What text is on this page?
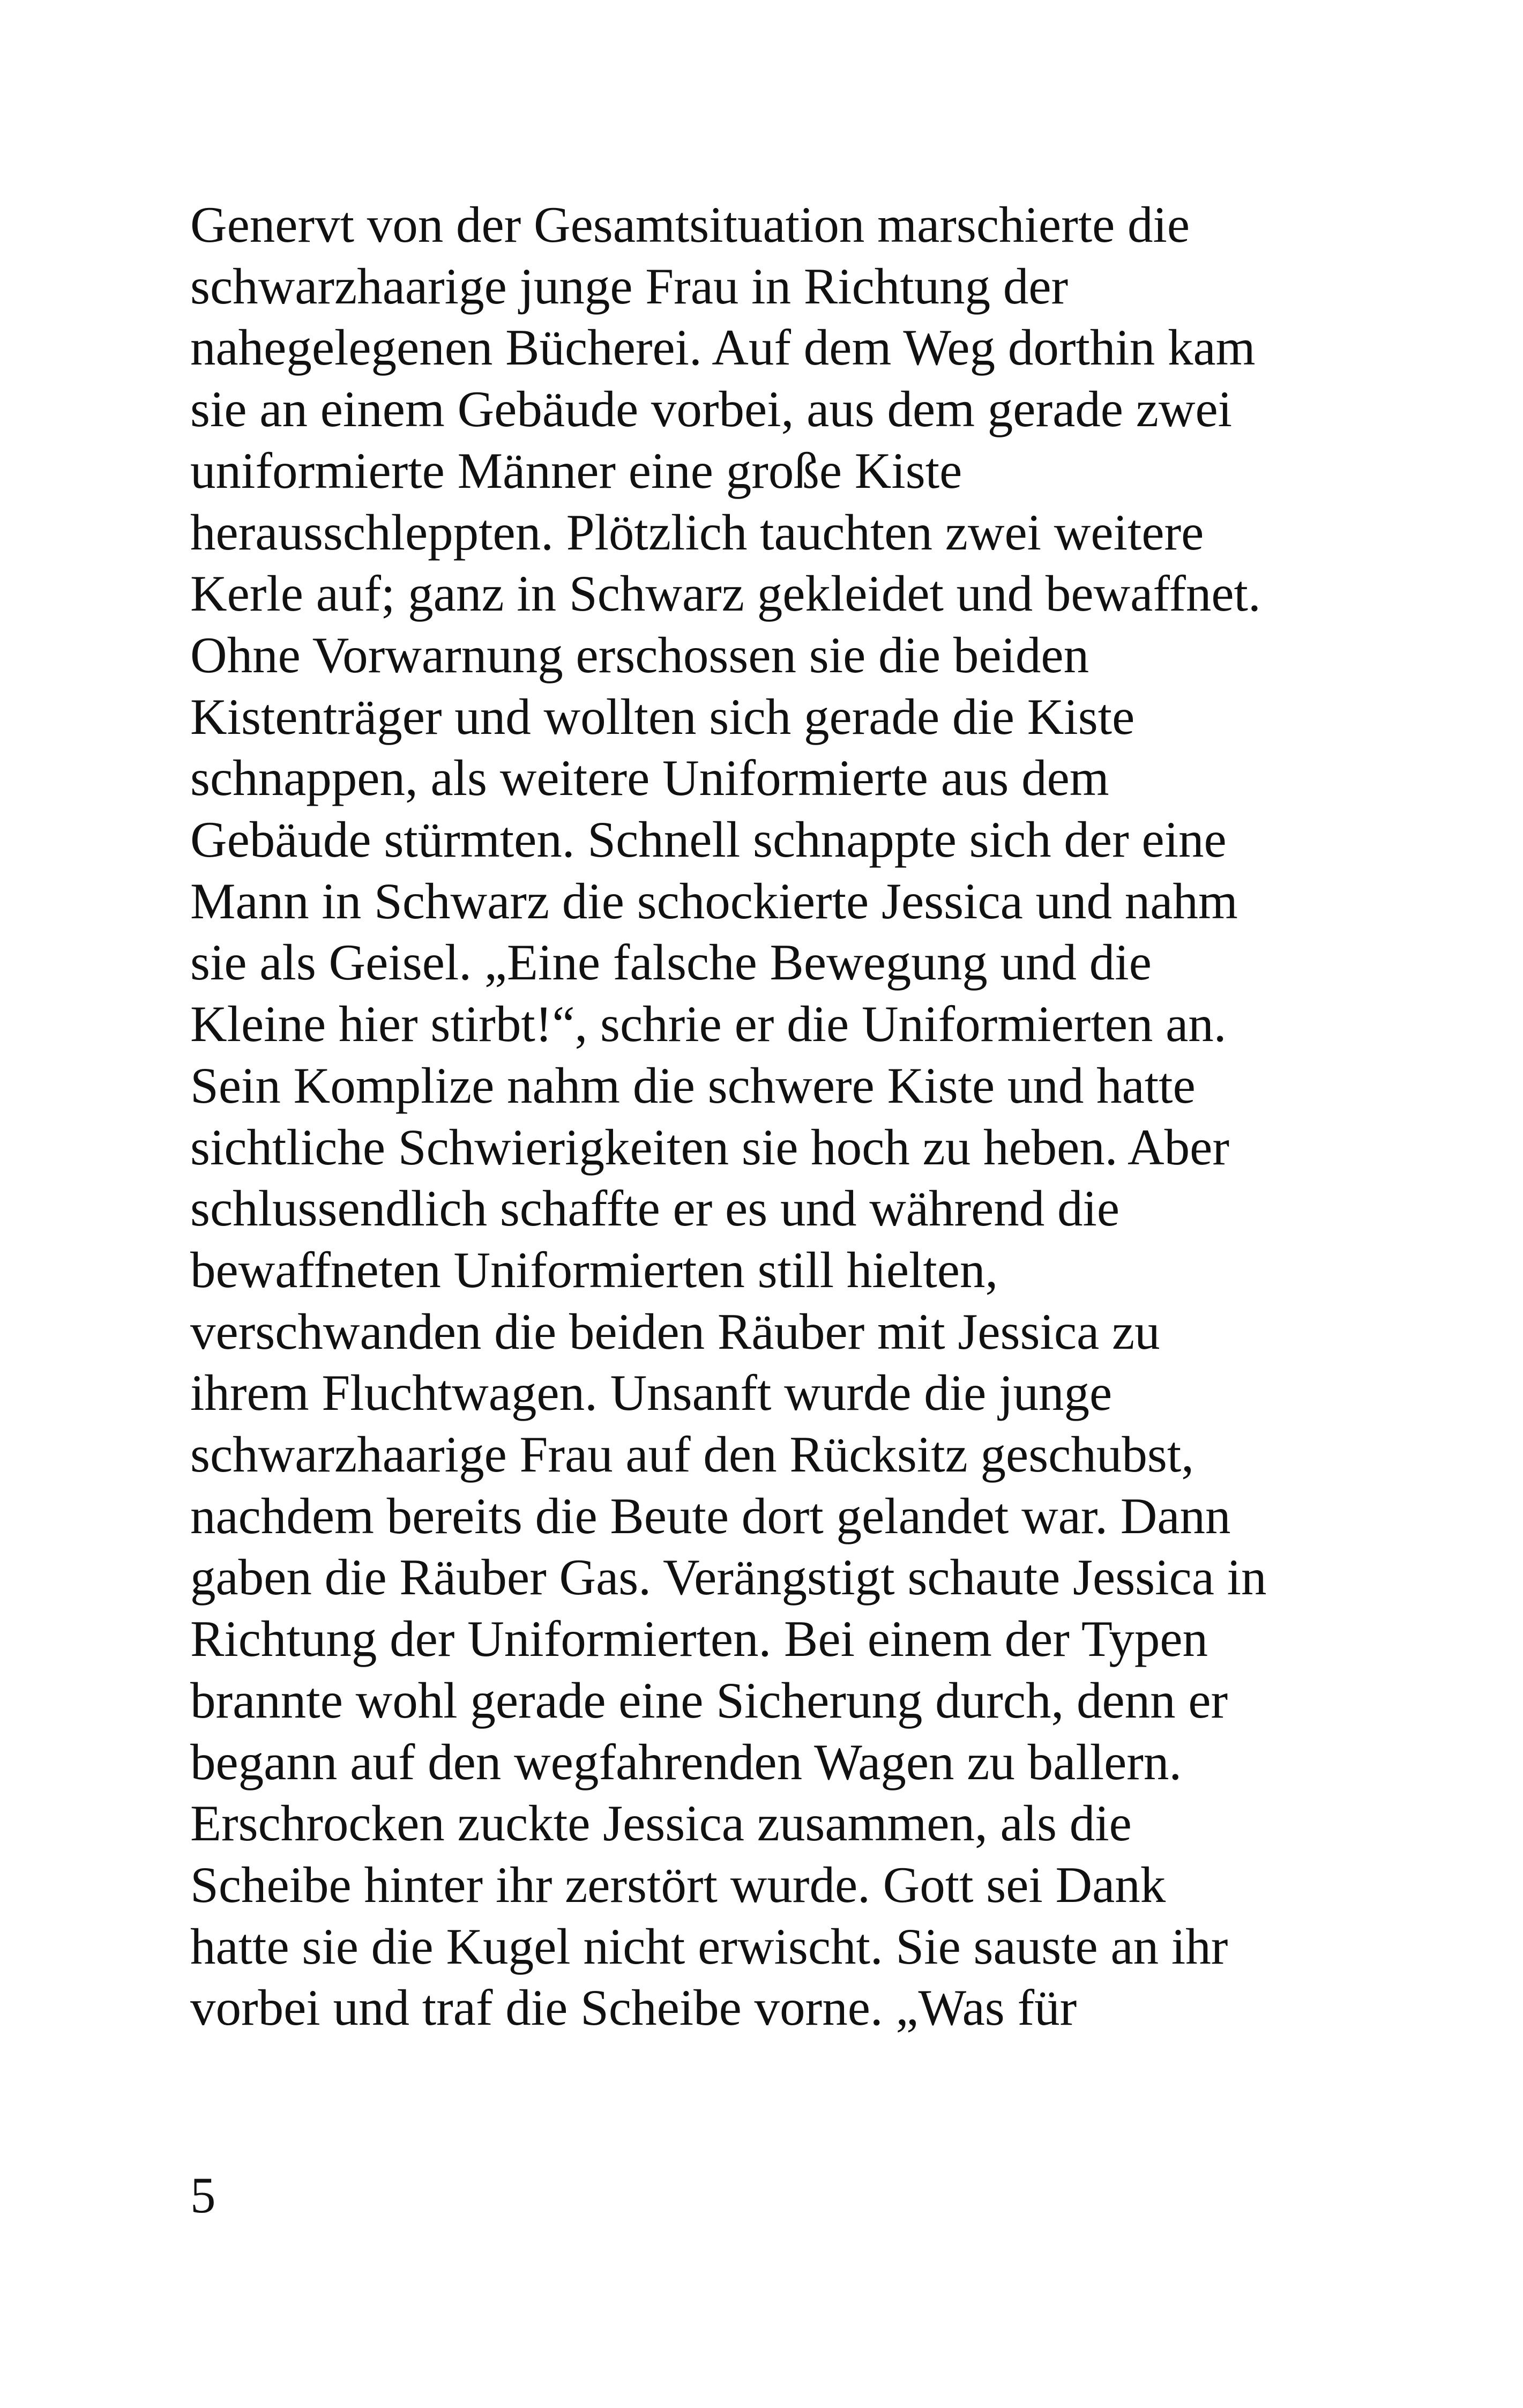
Genervt von der Gesamtsituation marschierte die
schwarzhaarige junge Frau in Richtung der
nahegelegenen Bücherei. Auf dem Weg dorthin kam
sie an einem Gebäude vorbei, aus dem gerade zwei
uniformierte Männer eine große Kiste
herausschleppten. Plötzlich tauchten zwei weitere
Kerle auf; ganz in Schwarz gekleidet und bewaffnet.
Ohne Vorwarnung erschossen sie die beiden
Kistenträger und wollten sich gerade die Kiste
schnappen, als weitere Uniformierte aus dem
Gebäude stürmten. Schnell schnappte sich der eine
Mann in Schwarz die schockierte Jessica und nahm
sie als Geisel. „Eine falsche Bewegung und die
Kleine hier stirbt!“, schrie er die Uniformierten an.
Sein Komplize nahm die schwere Kiste und hatte
sichtliche Schwierigkeiten sie hoch zu heben. Aber
schlussendlich schaffte er es und während die
bewaffneten Uniformierten still hielten,
verschwanden die beiden Räuber mit Jessica zu
ihrem Fluchtwagen. Unsanft wurde die junge
schwarzhaarige Frau auf den Rücksitz geschubst,
nachdem bereits die Beute dort gelandet war. Dann
gaben die Räuber Gas. Verängstigt schaute Jessica in
Richtung der Uniformierten. Bei einem der Typen
brannte wohl gerade eine Sicherung durch, denn er
begann auf den wegfahrenden Wagen zu ballern.
Erschrocken zuckte Jessica zusammen, als die
Scheibe hinter ihr zerstört wurde. Gott sei Dank
hatte sie die Kugel nicht erwischt. Sie sauste an ihr
vorbei und traf die Scheibe vorne. „Was für

5
